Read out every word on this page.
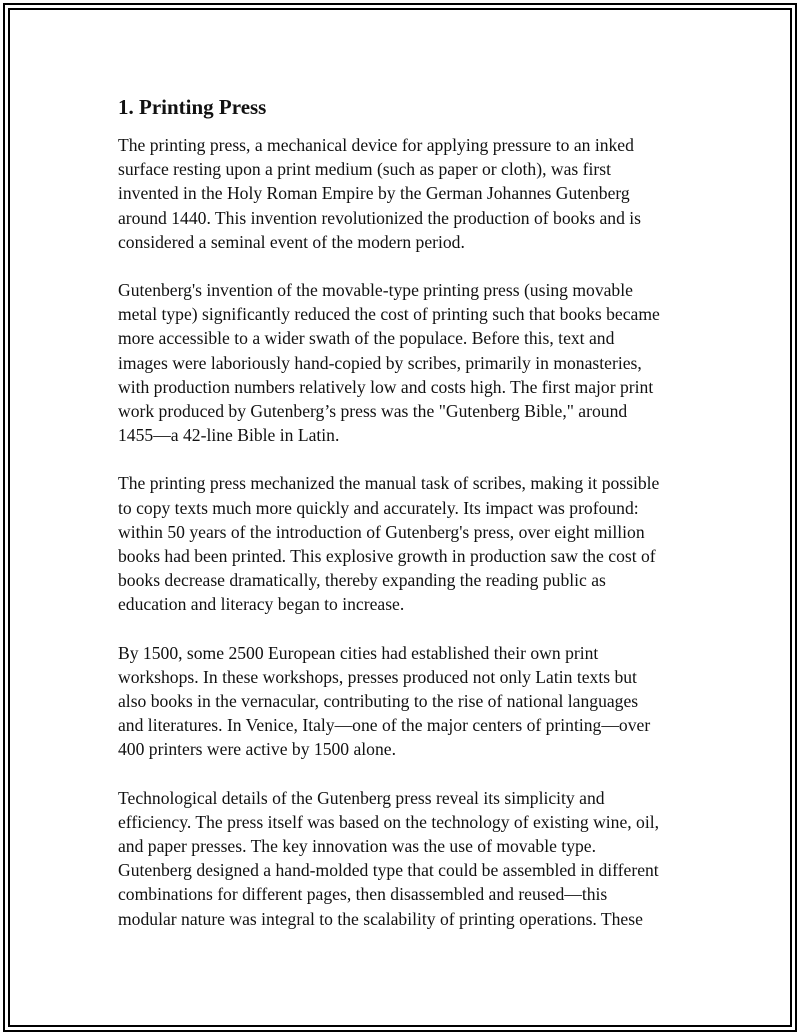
1. Printing Press

The printing press, a mechanical device for applying pressure to an inked
surface resting upon a print medium (such as paper or cloth), was first
invented in the Holy Roman Empire by the German Johannes Gutenberg
around 1440. This invention revolutionized the production of books and is
considered a seminal event of the modern period.

Gutenberg's invention of the movable-type printing press (using movable
metal type) significantly reduced the cost of printing such that books became
more accessible to a wider swath of the populace. Before this, text and
images were laboriously hand-copied by scribes, primarily in monasteries,
with production numbers relatively low and costs high. The first major print
work produced by Gutenberg’s press was the "Gutenberg Bible," around
1455—a 42-line Bible in Latin.

The printing press mechanized the manual task of scribes, making it possible
to copy texts much more quickly and accurately. Its impact was profound:
within 50 years of the introduction of Gutenberg's press, over eight million
books had been printed. This explosive growth in production saw the cost of
books decrease dramatically, thereby expanding the reading public as
education and literacy began to increase.

By 1500, some 2500 European cities had established their own print
workshops. In these workshops, presses produced not only Latin texts but
also books in the vernacular, contributing to the rise of national languages
and literatures. In Venice, Italy—one of the major centers of printing—over
400 printers were active by 1500 alone.

Technological details of the Gutenberg press reveal its simplicity and
efficiency. The press itself was based on the technology of existing wine, oil,
and paper presses. The key innovation was the use of movable type.
Gutenberg designed a hand-molded type that could be assembled in different
combinations for different pages, then disassembled and reused—this
modular nature was integral to the scalability of printing operations. These
